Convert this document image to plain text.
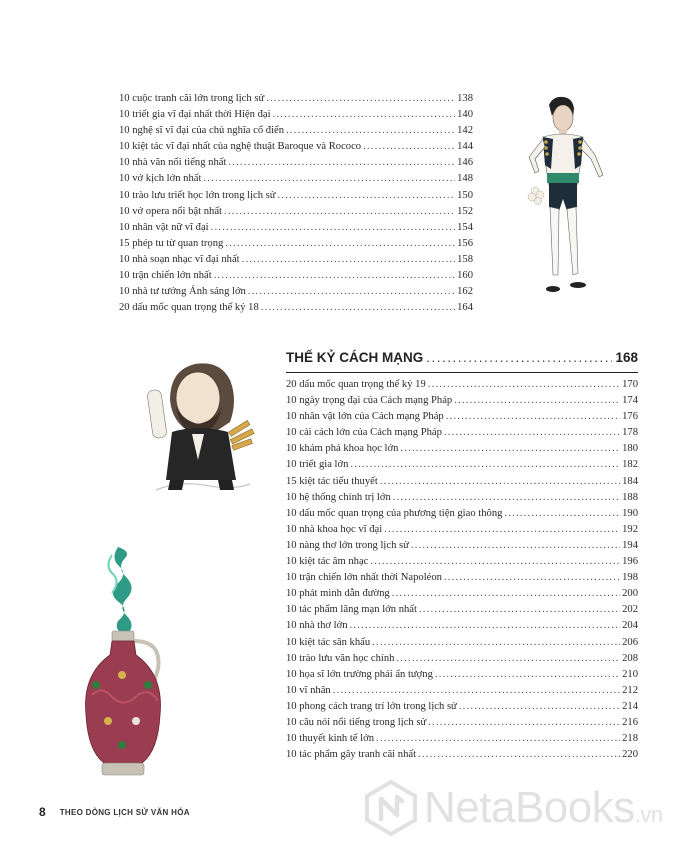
10 cuộc tranh cãi lớn trong lịch sử .....	138
10 triết gia vĩ đại nhất thời Hiện đại .....	140
10 nghệ sĩ vĩ đại của chủ nghĩa cổ điển .....	142
10 kiệt tác vĩ đại nhất của nghệ thuật Baroque và Rococo .....	144
10 nhà văn nổi tiếng nhất .....	146
10 vở kịch lớn nhất .....	148
10 trào lưu triết học lớn trong lịch sử .....	150
10 vở opera nổi bật nhất .....	152
10 nhân vật nữ vĩ đại .....	154
15 phép tu từ quan trọng .....	156
10 nhà soạn nhạc vĩ đại nhất .....	158
10 trận chiến lớn nhất .....	160
10 nhà tư tưởng Ánh sáng lớn .....	162
20 dấu mốc quan trọng thế kỷ 18 .....	164
THẾ KỶ CÁCH MẠNG .....	168
20 dấu mốc quan trọng thế kỷ 19 .....	170
10 ngày trọng đại của Cách mạng Pháp .....	174
10 nhân vật lớn của Cách mạng Pháp .....	176
10 cải cách lớn của Cách mạng Pháp .....	178
10 khám phá khoa học lớn .....	180
10 triết gia lớn .....	182
15 kiệt tác tiểu thuyết .....	184
10 hệ thống chính trị lớn .....	188
10 dấu mốc quan trọng của phương tiện giao thông .....	190
10 nhà khoa học vĩ đại .....	192
10 nàng thơ lớn trong lịch sử .....	194
10 kiệt tác âm nhạc .....	196
10 trận chiến lớn nhất thời Napoléon .....	198
10 phát minh dẫn đường .....	200
10 tác phẩm lãng mạn lớn nhất .....	202
10 nhà thơ lớn .....	204
10 kiệt tác sân khấu .....	206
10 trào lưu văn học chính .....	208
10 họa sĩ lớn trường phái ấn tượng .....	210
10 vĩ nhân .....	212
10 phong cách trang trí lớn trong lịch sử .....	214
10 câu nói nổi tiếng trong lịch sử .....	216
10 thuyết kinh tế lớn .....	218
10 tác phẩm gây tranh cãi nhất .....	220
8 THEO DÒNG LỊCH SỬ VĂN HÓA	NetaBooks.vn
